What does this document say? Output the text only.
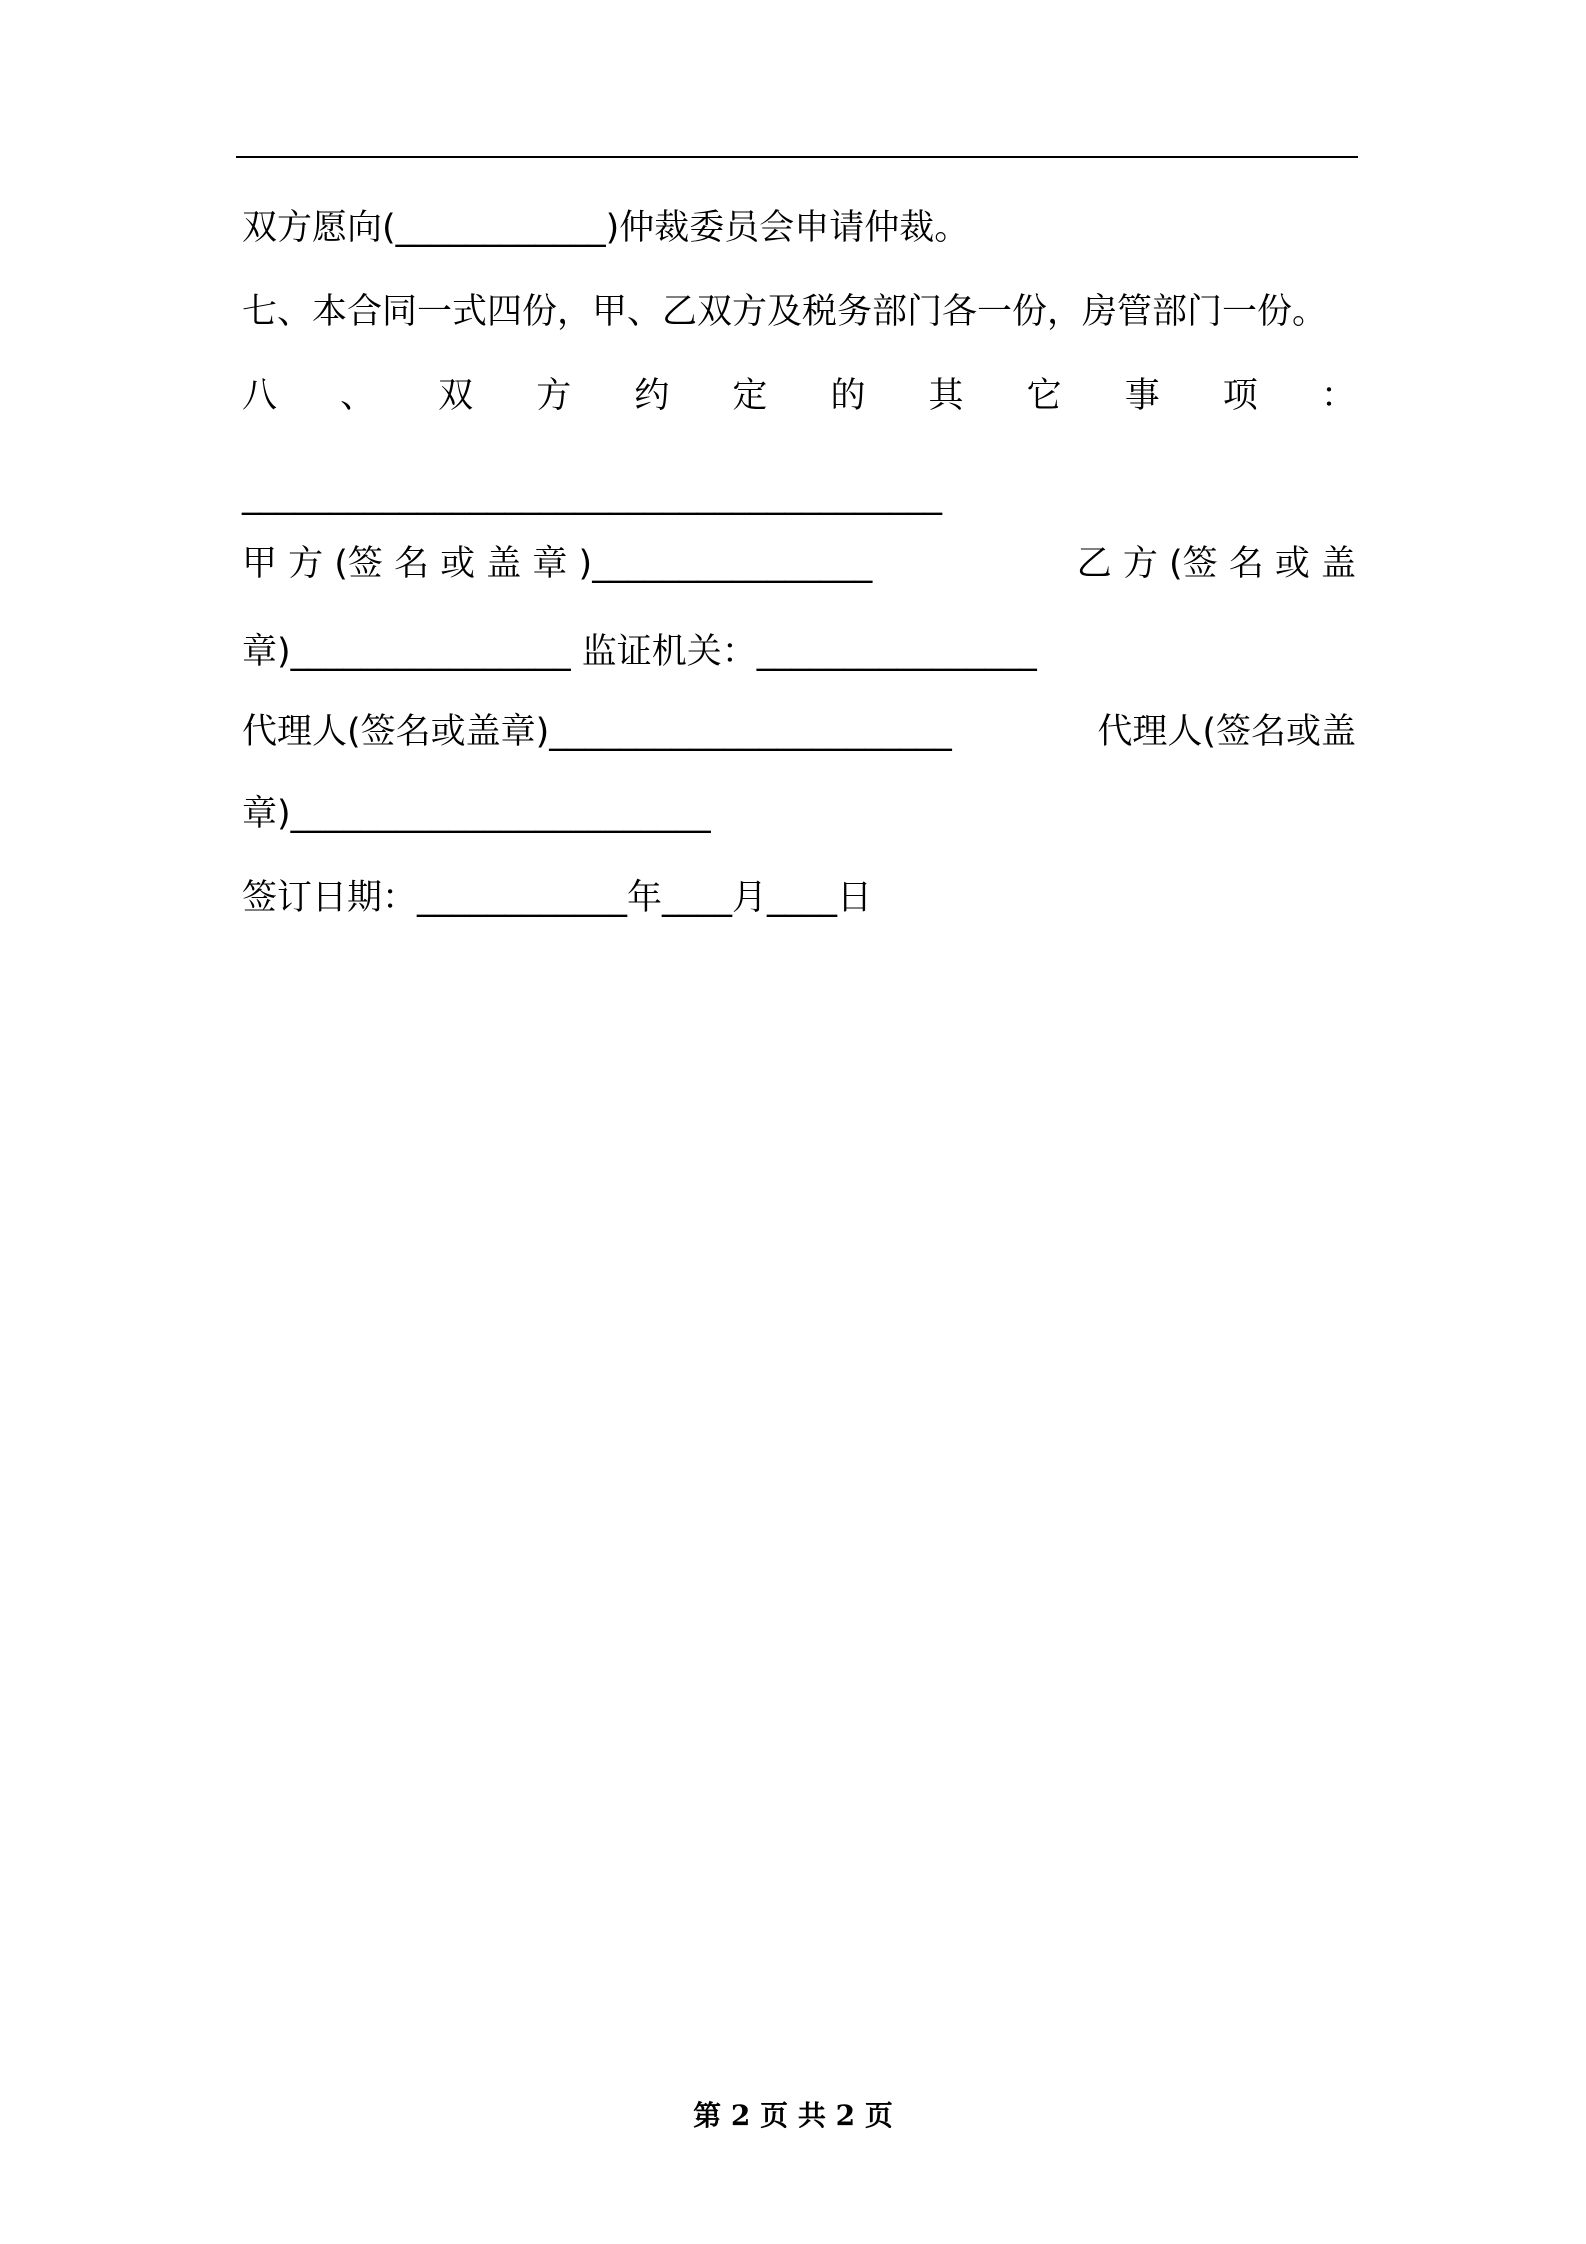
双方愿向(____________)仲裁委员会申请仲裁。
七、本合同一式四份，甲、乙双方及税务部门各一份，房管部门一份。
八 、 双 方 约 定 的 其 它 事 项 ：
________________________________________
甲 方 (签 名 或 盖 章 )________________	乙 方 (签 名 或 盖
章)________________ 监证机关：________________
代理人(签名或盖章)_______________________	代理人(签名或盖
章)________________________
签订日期：____________年____月____日
第 2 页 共 2 页
